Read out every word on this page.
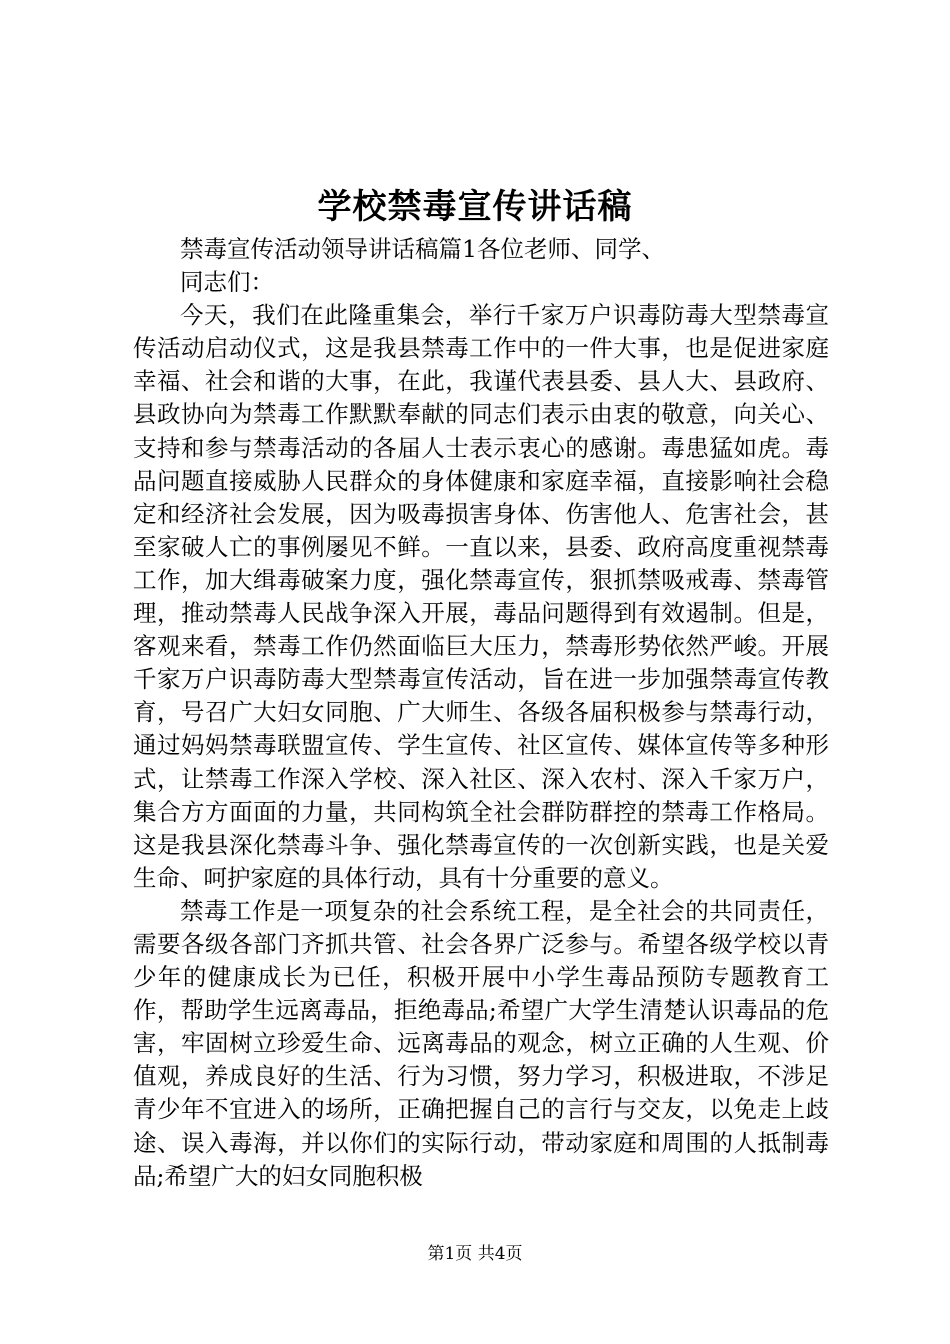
学校禁毒宣传讲话稿

禁毒宣传活动领导讲话稿篇1各位老师、同学、

同志们：

今天，我们在此隆重集会，举行千家万户识毒防毒大型禁毒宣传活动启动仪式，这是我县禁毒工作中的一件大事，也是促进家庭幸福、社会和谐的大事，在此，我谨代表县委、县人大、县政府、县政协向为禁毒工作默默奉献的同志们表示由衷的敬意，向关心、支持和参与禁毒活动的各届人士表示衷心的感谢。毒患猛如虎。毒品问题直接威胁人民群众的身体健康和家庭幸福，直接影响社会稳定和经济社会发展，因为吸毒损害身体、伤害他人、危害社会，甚至家破人亡的事例屡见不鲜。一直以来，县委、政府高度重视禁毒工作，加大缉毒破案力度，强化禁毒宣传，狠抓禁吸戒毒、禁毒管理，推动禁毒人民战争深入开展，毒品问题得到有效遏制。但是，客观来看，禁毒工作仍然面临巨大压力，禁毒形势依然严峻。开展千家万户识毒防毒大型禁毒宣传活动，旨在进一步加强禁毒宣传教育，号召广大妇女同胞、广大师生、各级各届积极参与禁毒行动，通过妈妈禁毒联盟宣传、学生宣传、社区宣传、媒体宣传等多种形式，让禁毒工作深入学校、深入社区、深入农村、深入千家万户，集合方方面面的力量，共同构筑全社会群防群控的禁毒工作格局。这是我县深化禁毒斗争、强化禁毒宣传的一次创新实践，也是关爱生命、呵护家庭的具体行动，具有十分重要的意义。

禁毒工作是一项复杂的社会系统工程，是全社会的共同责任，需要各级各部门齐抓共管、社会各界广泛参与。希望各级学校以青少年的健康成长为已任，积极开展中小学生毒品预防专题教育工作，帮助学生远离毒品，拒绝毒品;希望广大学生清楚认识毒品的危害，牢固树立珍爱生命、远离毒品的观念，树立正确的人生观、价值观，养成良好的生活、行为习惯，努力学习，积极进取，不涉足青少年不宜进入的场所，正确把握自己的言行与交友，以免走上歧途、误入毒海，并以你们的实际行动，带动家庭和周围的人抵制毒品;希望广大的妇女同胞积极

第1页 共4页
